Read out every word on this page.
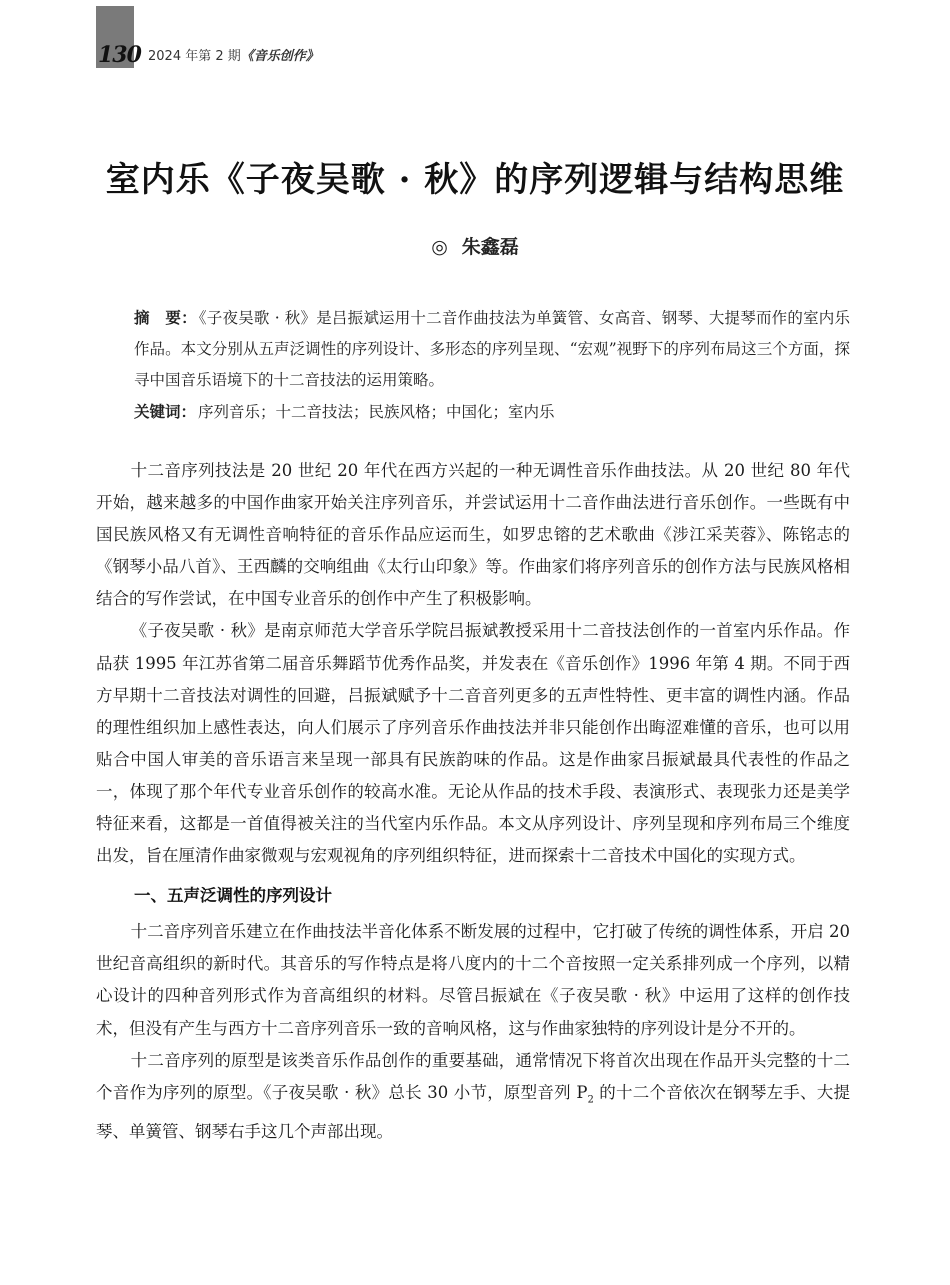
130 2024 年第 2 期《音乐创作》
室内乐《子夜吴歌 · 秋》的序列逻辑与结构思维
◎ 朱鑫磊

摘　要： 《子夜吴歌 · 秋》是吕振斌运用十二音作曲技法为单簧管、女高音、钢琴、大提琴而作的室内乐作品。本文分别从五声泛调性的序列设计、多形态的序列呈现、“宏观”视野下的序列布局这三个方面，探寻中国音乐语境下的十二音技法的运用策略。

关键词： 序列音乐；十二音技法；民族风格；中国化；室内乐

十二音序列技法是 20 世纪 20 年代在西方兴起的一种无调性音乐作曲技法。从 20 世纪 80 年代开始，越来越多的中国作曲家开始关注序列音乐，并尝试运用十二音作曲法进行音乐创作。一些既有中国民族风格又有无调性音响特征的音乐作品应运而生，如罗忠镕的艺术歌曲《涉江采芙蓉》、陈铭志的《钢琴小品八首》、王西麟的交响组曲《太行山印象》等。作曲家们将序列音乐的创作方法与民族风格相结合的写作尝试，在中国专业音乐的创作中产生了积极影响。

《子夜吴歌 · 秋》是南京师范大学音乐学院吕振斌教授采用十二音技法创作的一首室内乐作品。作品获 1995 年江苏省第二届音乐舞蹈节优秀作品奖，并发表在《音乐创作》1996 年第 4 期。不同于西方早期十二音技法对调性的回避，吕振斌赋予十二音音列更多的五声性特性、更丰富的调性内涵。作品的理性组织加上感性表达，向人们展示了序列音乐作曲技法并非只能创作出晦涩难懂的音乐，也可以用贴合中国人审美的音乐语言来呈现一部具有民族韵味的作品。这是作曲家吕振斌最具代表性的作品之一，体现了那个年代专业音乐创作的较高水准。无论从作品的技术手段、表演形式、表现张力还是美学特征来看，这都是一首值得被关注的当代室内乐作品。本文从序列设计、序列呈现和序列布局三个维度出发，旨在厘清作曲家微观与宏观视角的序列组织特征，进而探索十二音技术中国化的实现方式。

一、五声泛调性的序列设计

十二音序列音乐建立在作曲技法半音化体系不断发展的过程中，它打破了传统的调性体系，开启 20 世纪音高组织的新时代。其音乐的写作特点是将八度内的十二个音按照一定关系排列成一个序列，以精心设计的四种音列形式作为音高组织的材料。尽管吕振斌在《子夜吴歌 · 秋》中运用了这样的创作技术，但没有产生与西方十二音序列音乐一致的音响风格，这与作曲家独特的序列设计是分不开的。

十二音序列的原型是该类音乐作品创作的重要基础，通常情况下将首次出现在作品开头完整的十二个音作为序列的原型。《子夜吴歌 · 秋》总长 30 小节，原型音列 $P_2$ 的十二个音依次在钢琴左手、大提琴、单簧管、钢琴右手这几个声部出现。
